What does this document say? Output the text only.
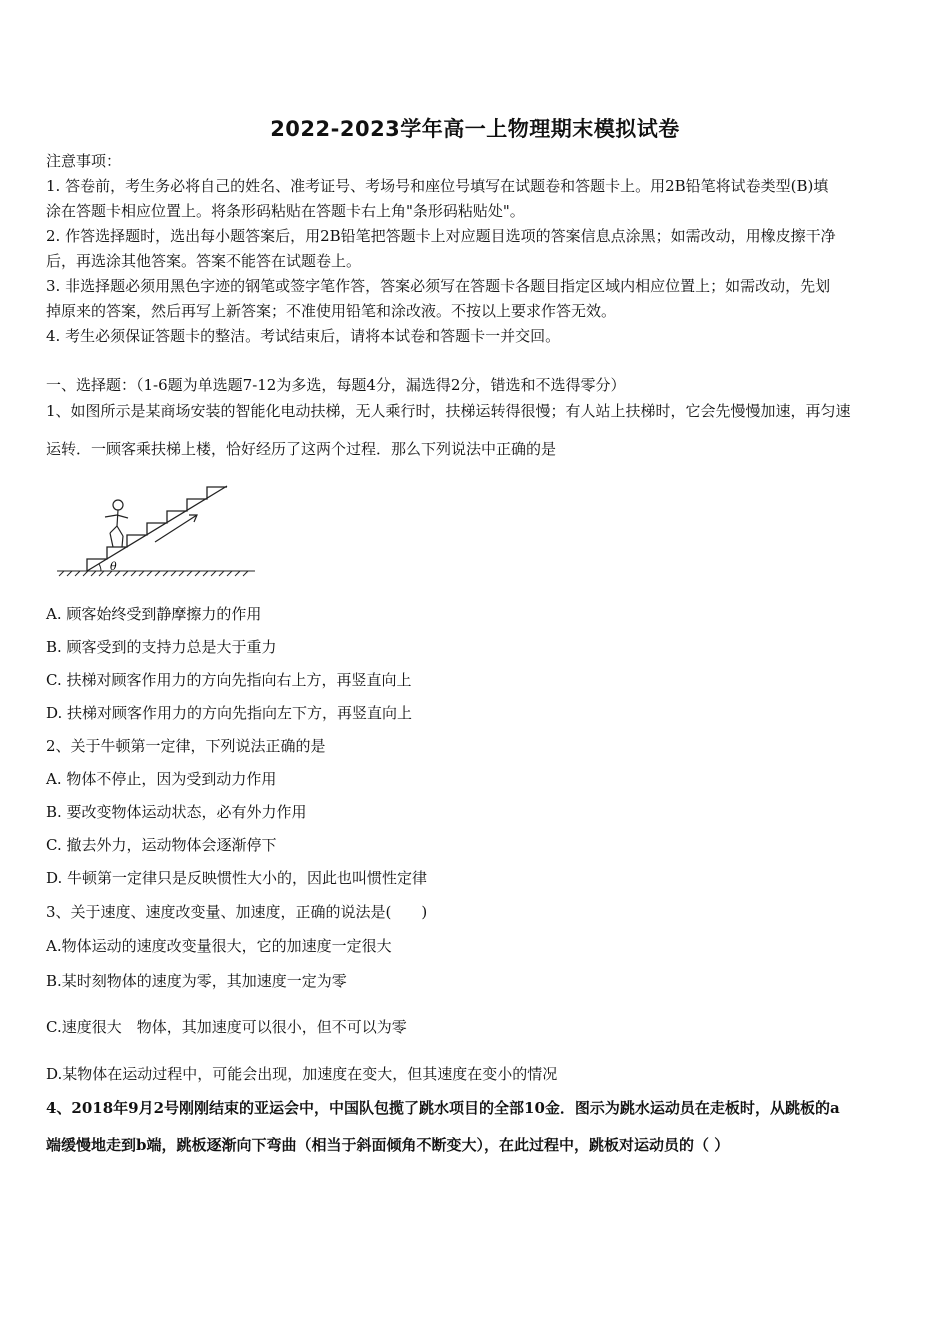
2022-2023学年高一上物理期末模拟试卷
注意事项：
1. 答卷前，考生务必将自己的姓名、准考证号、考场号和座位号填写在试题卷和答题卡上。用2B铅笔将试卷类型(B)填
涂在答题卡相应位置上。将条形码粘贴在答题卡右上角"条形码粘贴处"。
2. 作答选择题时，选出每小题答案后，用2B铅笔把答题卡上对应题目选项的答案信息点涂黑；如需改动，用橡皮擦干净
后，再选涂其他答案。答案不能答在试题卷上。
3. 非选择题必须用黑色字迹的钢笔或签字笔作答，答案必须写在答题卡各题目指定区域内相应位置上；如需改动，先划
掉原来的答案，然后再写上新答案；不准使用铅笔和涂改液。不按以上要求作答无效。
4. 考生必须保证答题卡的整洁。考试结束后，请将本试卷和答题卡一并交回。
一、选择题：（1-6题为单选题7-12为多选，每题4分，漏选得2分，错选和不选得零分）
1、如图所示是某商场安装的智能化电动扶梯，无人乘行时，扶梯运转得很慢；有人站上扶梯时，它会先慢慢加速，再匀速
运转．一顾客乘扶梯上楼，恰好经历了这两个过程．那么下列说法中正确的是
θ
A. 顾客始终受到静摩擦力的作用
B. 顾客受到的支持力总是大于重力
C. 扶梯对顾客作用力的方向先指向右上方，再竖直向上
D. 扶梯对顾客作用力的方向先指向左下方，再竖直向上
2、关于牛顿第一定律，下列说法正确的是
A. 物体不停止，因为受到动力作用
B. 要改变物体运动状态，必有外力作用
C. 撤去外力，运动物体会逐渐停下
D. 牛顿第一定律只是反映惯性大小的，因此也叫惯性定律
3、关于速度、速度改变量、加速度，正确的说法是(　　)
A.物体运动的速度改变量很大，它的加速度一定很大
B.某时刻物体的速度为零，其加速度一定为零
C.速度很大　物体，其加速度可以很小，但不可以为零
D.某物体在运动过程中，可能会出现，加速度在变大，但其速度在变小的情况
4、2018年9月2号刚刚结束的亚运会中，中国队包揽了跳水项目的全部10金．图示为跳水运动员在走板时，从跳板的a
端缓慢地走到b端，跳板逐渐向下弯曲（相当于斜面倾角不断变大），在此过程中，跳板对运动员的（ ）
